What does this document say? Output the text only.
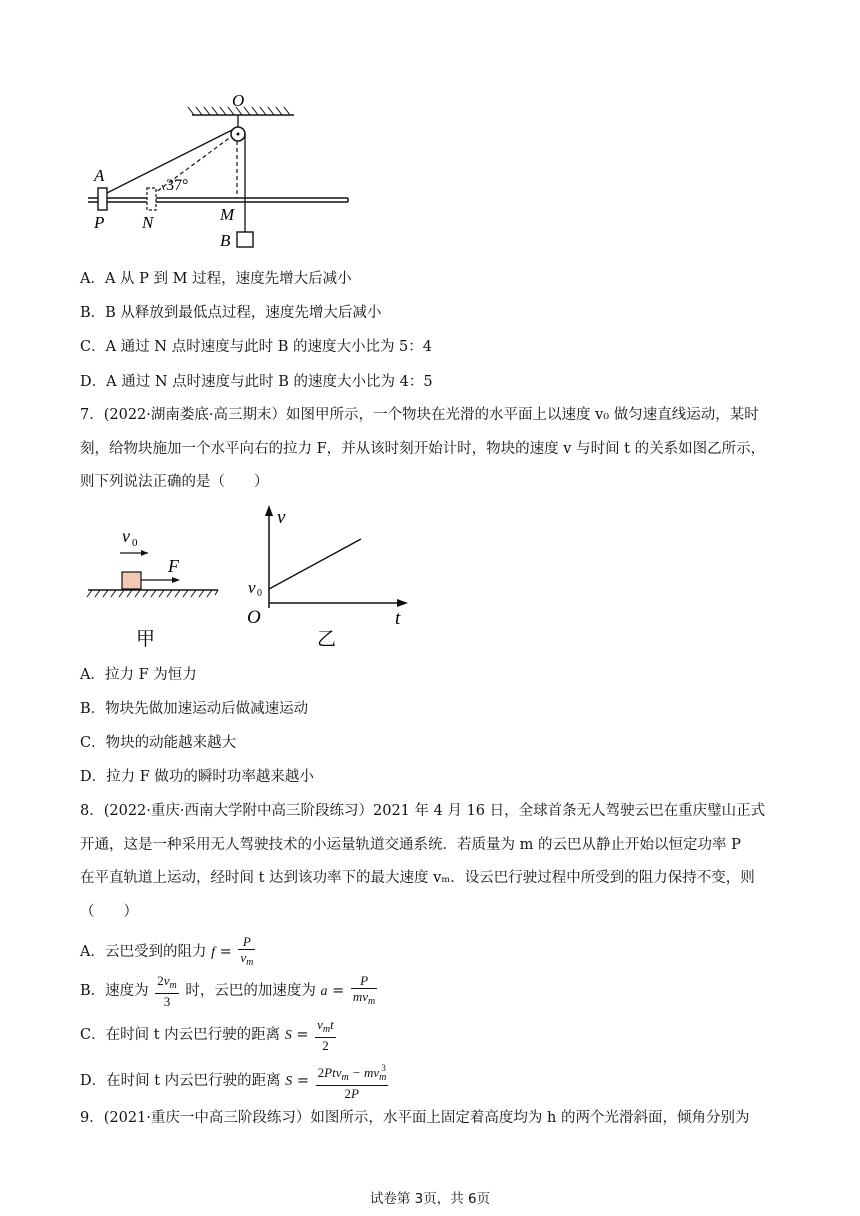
O
A
P N	M
B
37°
A．A 从 P 到 M 过程，速度先增大后减小
B．B 从释放到最低点过程，速度先增大后减小
C．A 通过 N 点时速度与此时 B 的速度大小比为 5：4
D．A 通过 N 点时速度与此时 B 的速度大小比为 4：5
7．(2022·湖南娄底·高三期末）如图甲所示，一个物块在光滑的水平面上以速度 v₀ 做匀速直线运动，某时
刻，给物块施加一个水平向右的拉力 F，并从该时刻开始计时，物块的速度 v 与时间 t 的关系如图乙所示，
则下列说法正确的是（　　）
v 0
F
甲
v
t
O
v 0
乙
A．拉力 F 为恒力
B．物块先做加速运动后做减速运动
C．物块的动能越来越大
D．拉力 F 做功的瞬时功率越来越小
8．(2022·重庆·西南大学附中高三阶段练习）2021 年 4 月 16 日，全球首条无人驾驶云巴在重庆璧山正式
开通，这是一种采用无人驾驶技术的小运量轨道交通系统．若质量为 m 的云巴从静止开始以恒定功率 P
在平直轨道上运动，经时间 t 达到该功率下的最大速度 vₘ．设云巴行驶过程中所受到的阻力保持不变，则
（　　）
A．云巴受到的阻力 $f = \frac{P}{v_m}$
B．速度为 $\frac{2v_m}{3}$ 时，云巴的加速度为 $a = \frac{P}{mv_m}$
C．在时间 t 内云巴行驶的距离 $S = \frac{v_mt}{2}$
D．在时间 t 内云巴行驶的距离 $S = \frac{2Ptv_m - mv_m^3}{2P}$
9．(2021·重庆一中高三阶段练习）如图所示，水平面上固定着高度均为 h 的两个光滑斜面，倾角分别为
试卷第 3页，共 6页
